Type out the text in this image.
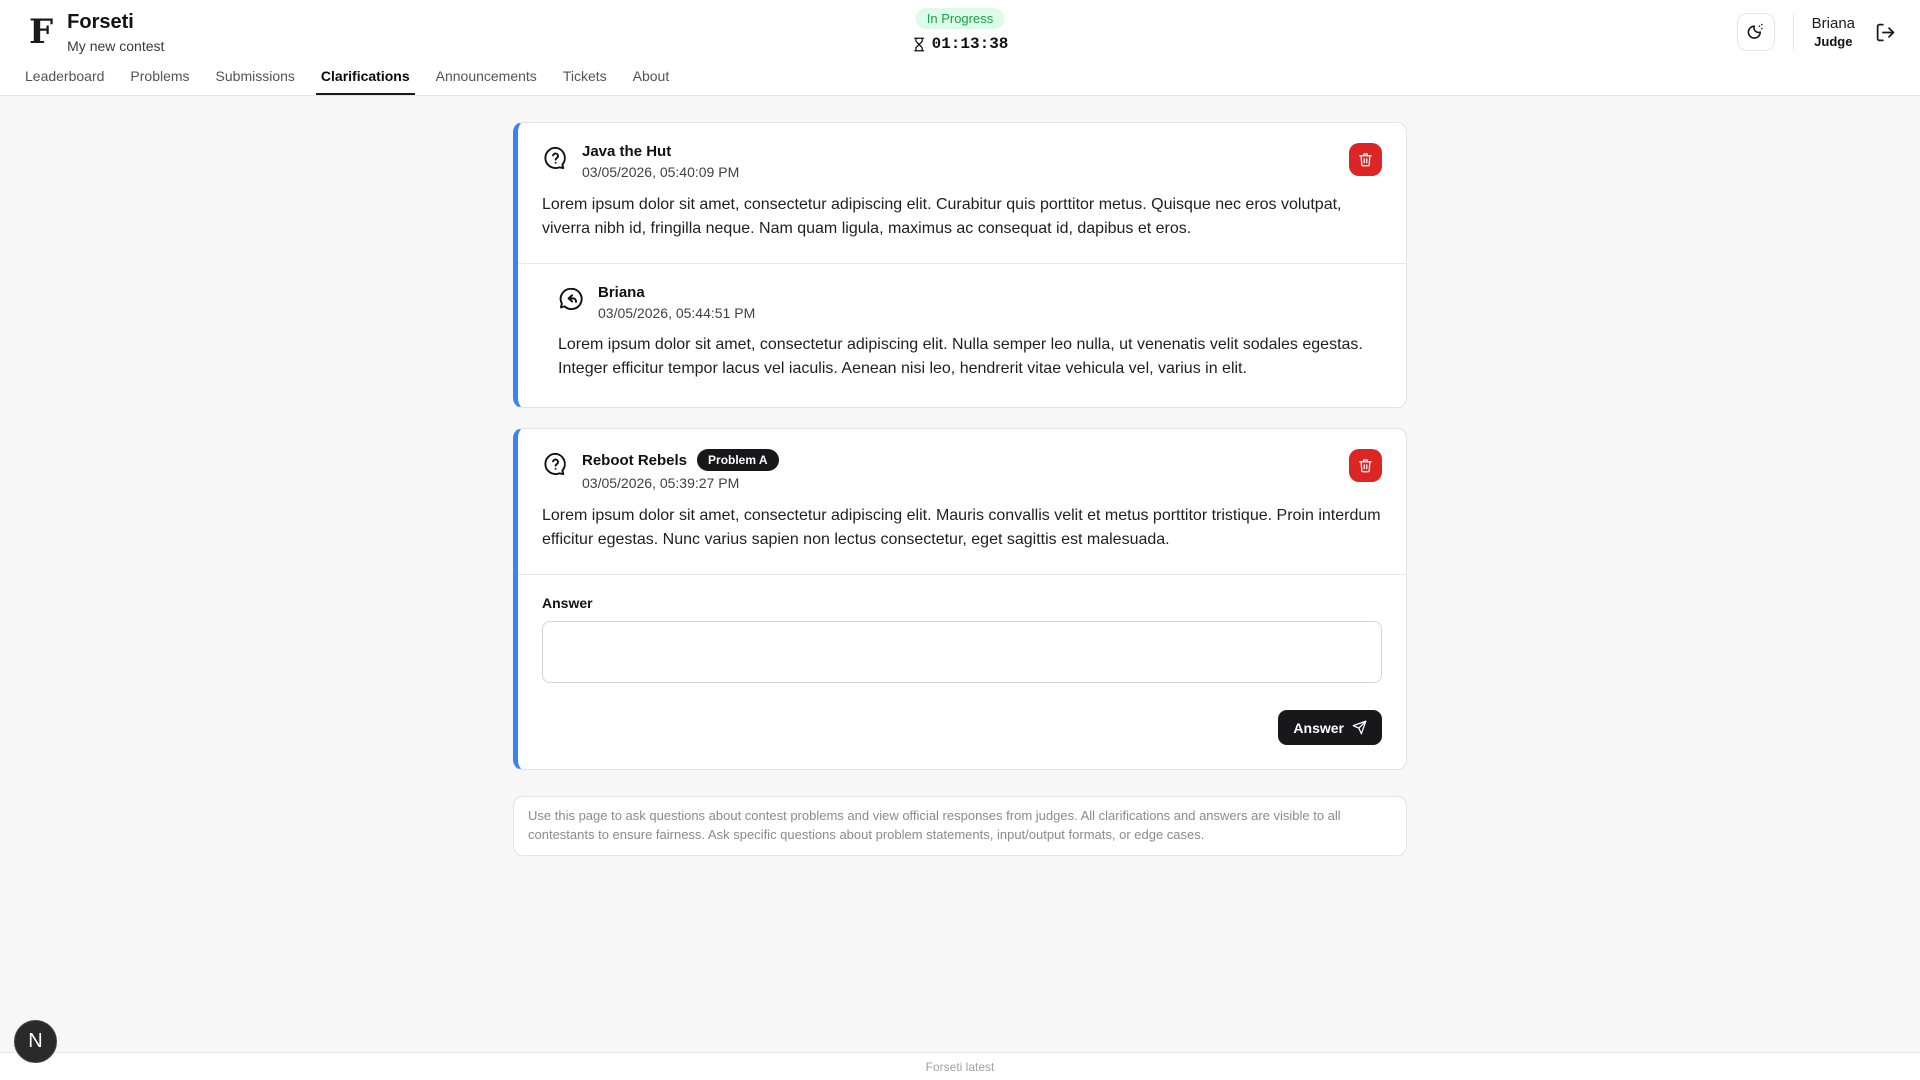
F Forseti
My new contest
In Progress
01:13:38
Briana
Judge
Leaderboard	Problems	Submissions	Clarifications	Announcements	Tickets	About
Java the Hut
03/05/2026, 05:40:09 PM

Lorem ipsum dolor sit amet, consectetur adipiscing elit. Curabitur quis porttitor metus. Quisque nec eros volutpat, viverra nibh id, fringilla neque. Nam quam ligula, maximus ac consequat id, dapibus et eros.

Briana
03/05/2026, 05:44:51 PM

Lorem ipsum dolor sit amet, consectetur adipiscing elit. Nulla semper leo nulla, ut venenatis velit sodales egestas. Integer efficitur tempor lacus vel iaculis. Aenean nisi leo, hendrerit vitae vehicula vel, varius in elit.

Reboot Rebels	Problem A
03/05/2026, 05:39:27 PM

Lorem ipsum dolor sit amet, consectetur adipiscing elit. Mauris convallis velit et metus porttitor tristique. Proin interdum efficitur egestas. Nunc varius sapien non lectus consectetur, eget sagittis est malesuada.

Answer
Answer
Use this page to ask questions about contest problems and view official responses from judges. All clarifications and answers are visible to all contestants to ensure fairness. Ask specific questions about problem statements, input/output formats, or edge cases.
N
Forseti latest
